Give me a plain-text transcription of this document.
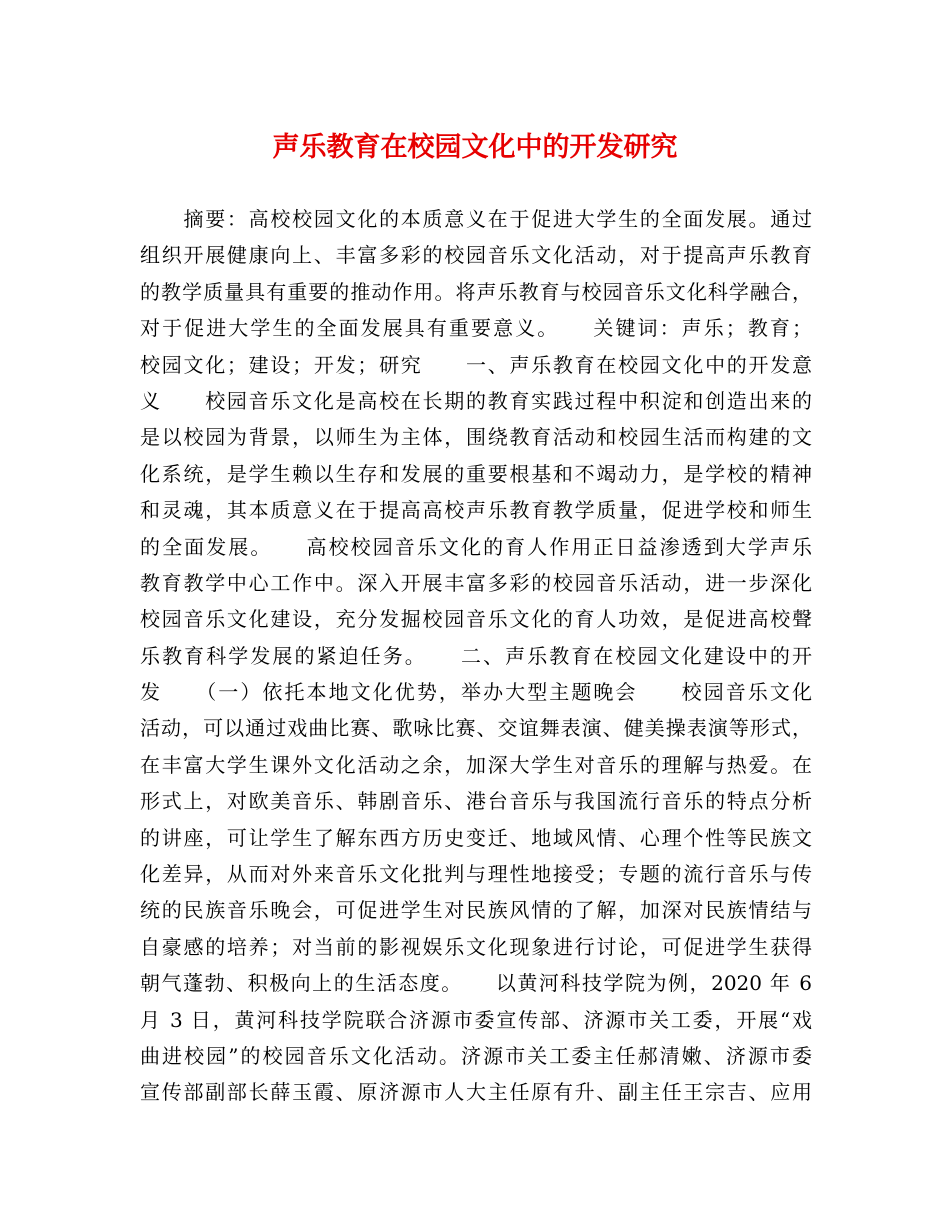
声乐教育在校园文化中的开发研究
　　摘要：高校校园文化的本质意义在于促进大学生的全面发展。通过
组织开展健康向上、丰富多彩的校园音乐文化活动，对于提高声乐教育
的教学质量具有重要的推动作用。将声乐教育与校园音乐文化科学融合，
对于促进大学生的全面发展具有重要意义。　　关键词：声乐；教育；
校园文化；建设；开发；研究　　一、声乐教育在校园文化中的开发意
义　　校园音乐文化是高校在长期的教育实践过程中积淀和创造出来的
是以校园为背景，以师生为主体，围绕教育活动和校园生活而构建的文
化系统，是学生赖以生存和发展的重要根基和不竭动力，是学校的精神
和灵魂，其本质意义在于提高高校声乐教育教学质量，促进学校和师生
的全面发展。　　高校校园音乐文化的育人作用正日益渗透到大学声乐
教育教学中心工作中。深入开展丰富多彩的校园音乐活动，进一步深化
校园音乐文化建设，充分发掘校园音乐文化的育人功效，是促进高校聲
乐教育科学发展的紧迫任务。　　二、声乐教育在校园文化建设中的开
发　　（一）依托本地文化优势，举办大型主题晚会　　校园音乐文化
活动，可以通过戏曲比赛、歌咏比赛、交谊舞表演、健美操表演等形式，
在丰富大学生课外文化活动之余，加深大学生对音乐的理解与热爱。在
形式上，对欧美音乐、韩剧音乐、港台音乐与我国流行音乐的特点分析
的讲座，可让学生了解东西方历史变迁、地域风情、心理个性等民族文
化差异，从而对外来音乐文化批判与理性地接受；专题的流行音乐与传
统的民族音乐晚会，可促进学生对民族风情的了解，加深对民族情结与
自豪感的培养；对当前的影视娱乐文化现象进行讨论，可促进学生获得
朝气蓬勃、积极向上的生活态度。　　以黄河科技学院为例，2020 年 6
月 3 日，黄河科技学院联合济源市委宣传部、济源市关工委，开展“戏
曲进校园”的校园音乐文化活动。济源市关工委主任郝清嫩、济源市委
宣传部副部长薛玉霞、原济源市人大主任原有升、副主任王宗吉、应用
